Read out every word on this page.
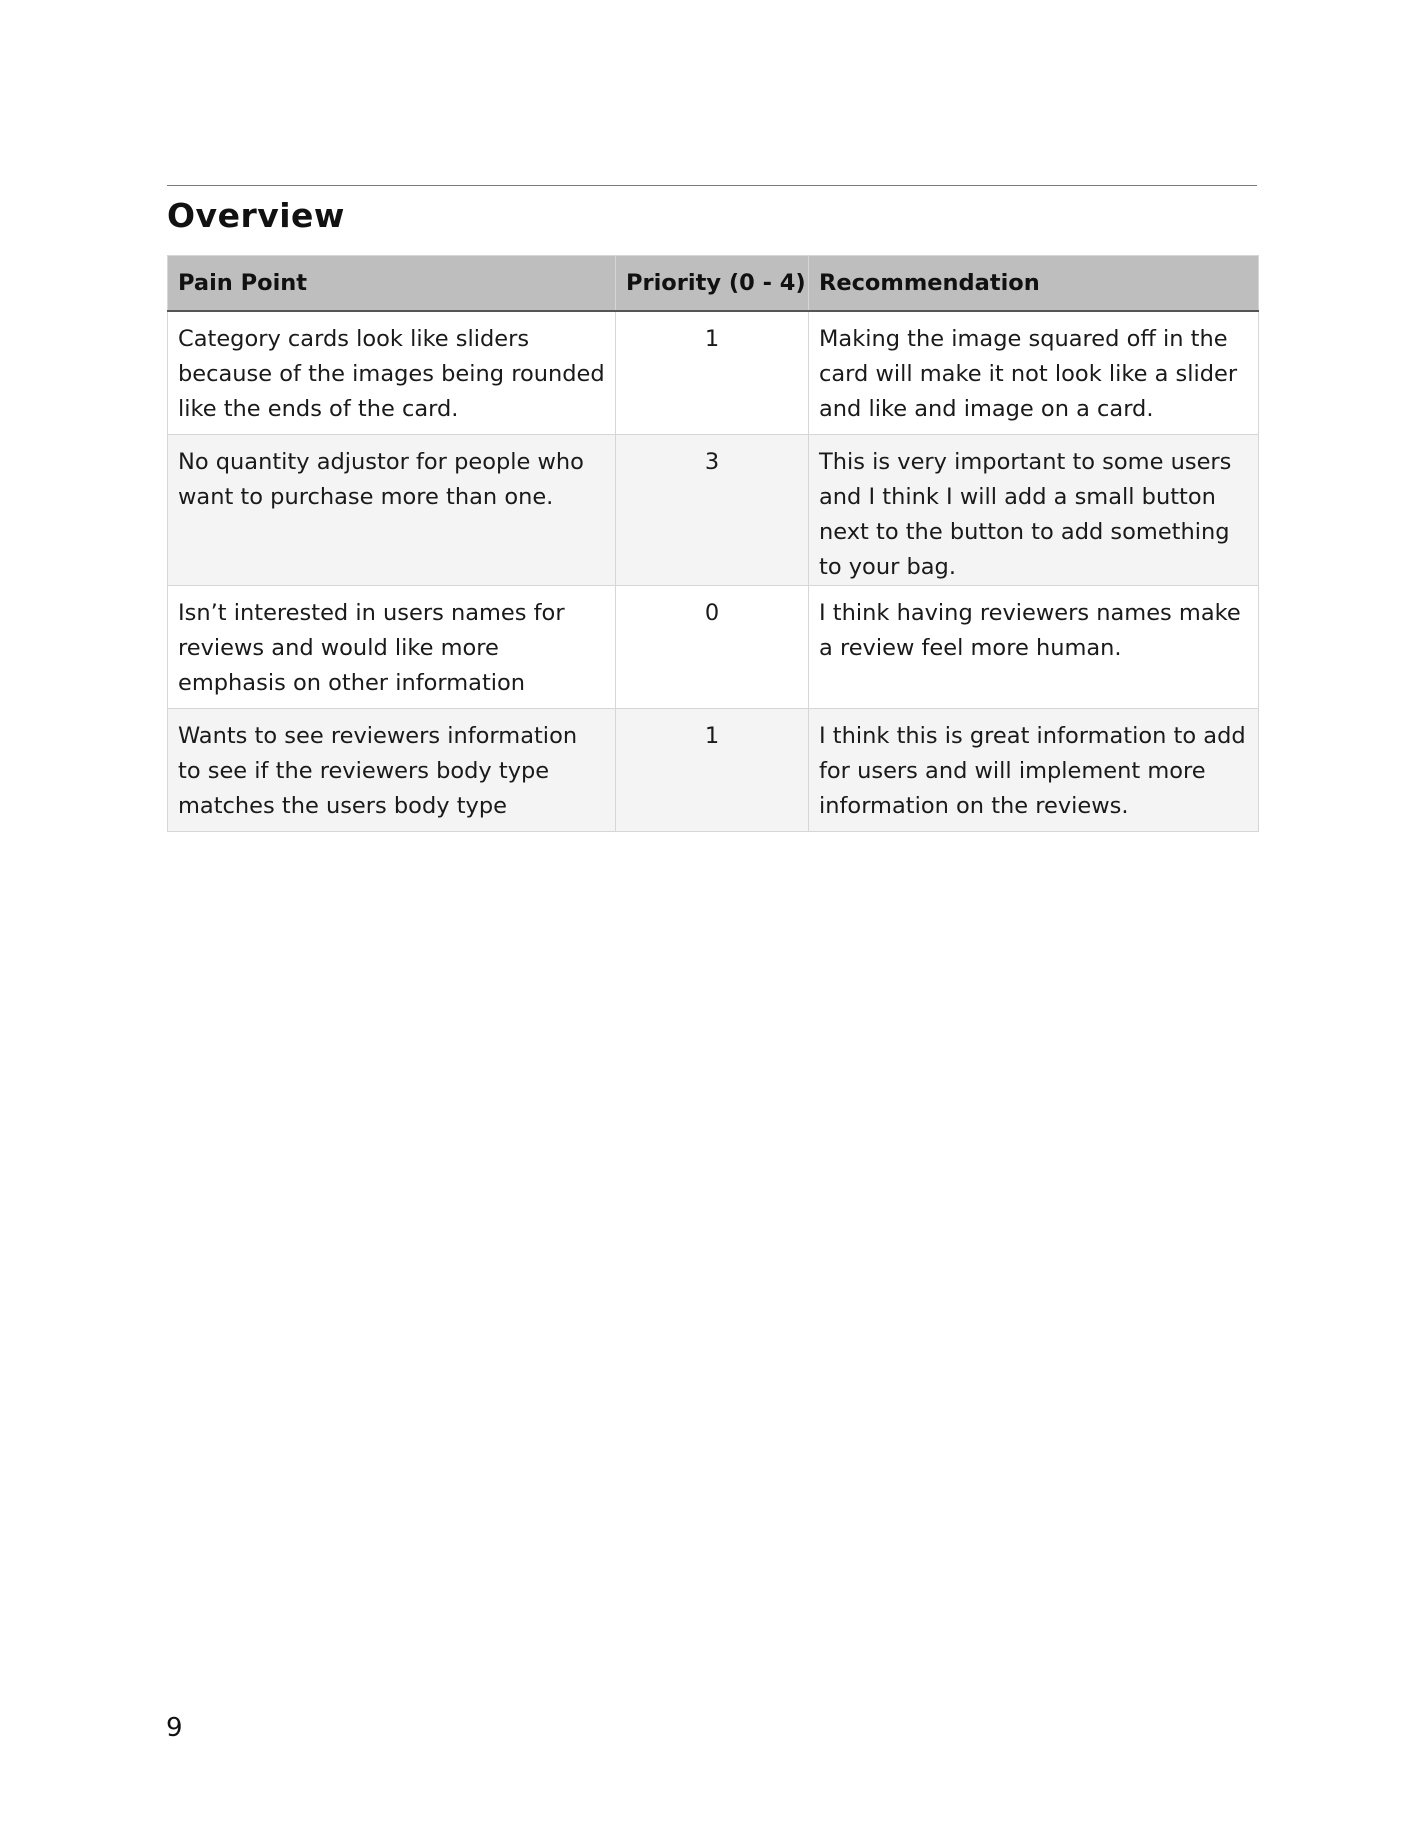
Overview
Pain Point	Priority (0 - 4)	Recommendation
Category cards look like sliders because of the images being rounded like the ends of the card.	1	Making the image squared off in the card will make it not look like a slider and like and image on a card.
No quantity adjustor for people who want to purchase more than one.	3	This is very important to some users and I think I will add a small button next to the button to add something to your bag.
Isn’t interested in users names for reviews and would like more emphasis on other information	0	I think having reviewers names make a review feel more human.
Wants to see reviewers information to see if the reviewers body type matches the users body type	1	I think this is great information to add for users and will implement more information on the reviews.
9
